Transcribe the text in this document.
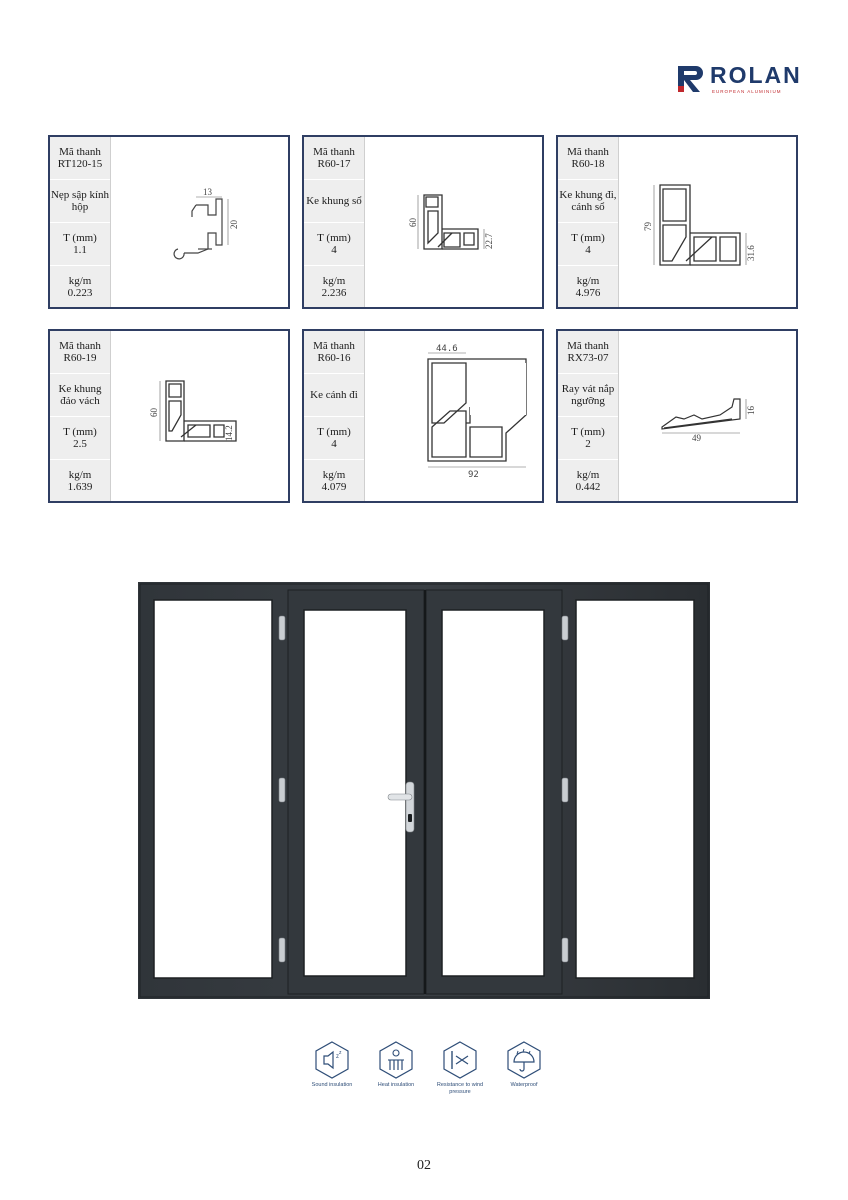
ROLAN
EUROPEAN ALUMINIUM
Mã thanh
RT120-15
Nẹp sập kính hộp
T (mm)
1.1
kg/m
0.223
13
20
Mã thanh
R60-17
Ke khung sổ
T (mm)
4
kg/m
2.236
60
22.7
Mã thanh
R60-18
Ke khung đi, cánh sổ
T (mm)
4
kg/m
4.976
79
31.6
Mã thanh
R60-19
Ke khung đảo vách
T (mm)
2.5
kg/m
1.639
60
14.2
Mã thanh
R60-16
Ke cánh đi
T (mm)
4
kg/m
4.079
44.6
92
Mã thanh
RX73-07
Ray vát nắp ngưỡng
T (mm)
2
kg/m
0.442
16
49
z
z
Sound insulation	Heat insulation	Resistance to wind pressure
Waterproof
02
